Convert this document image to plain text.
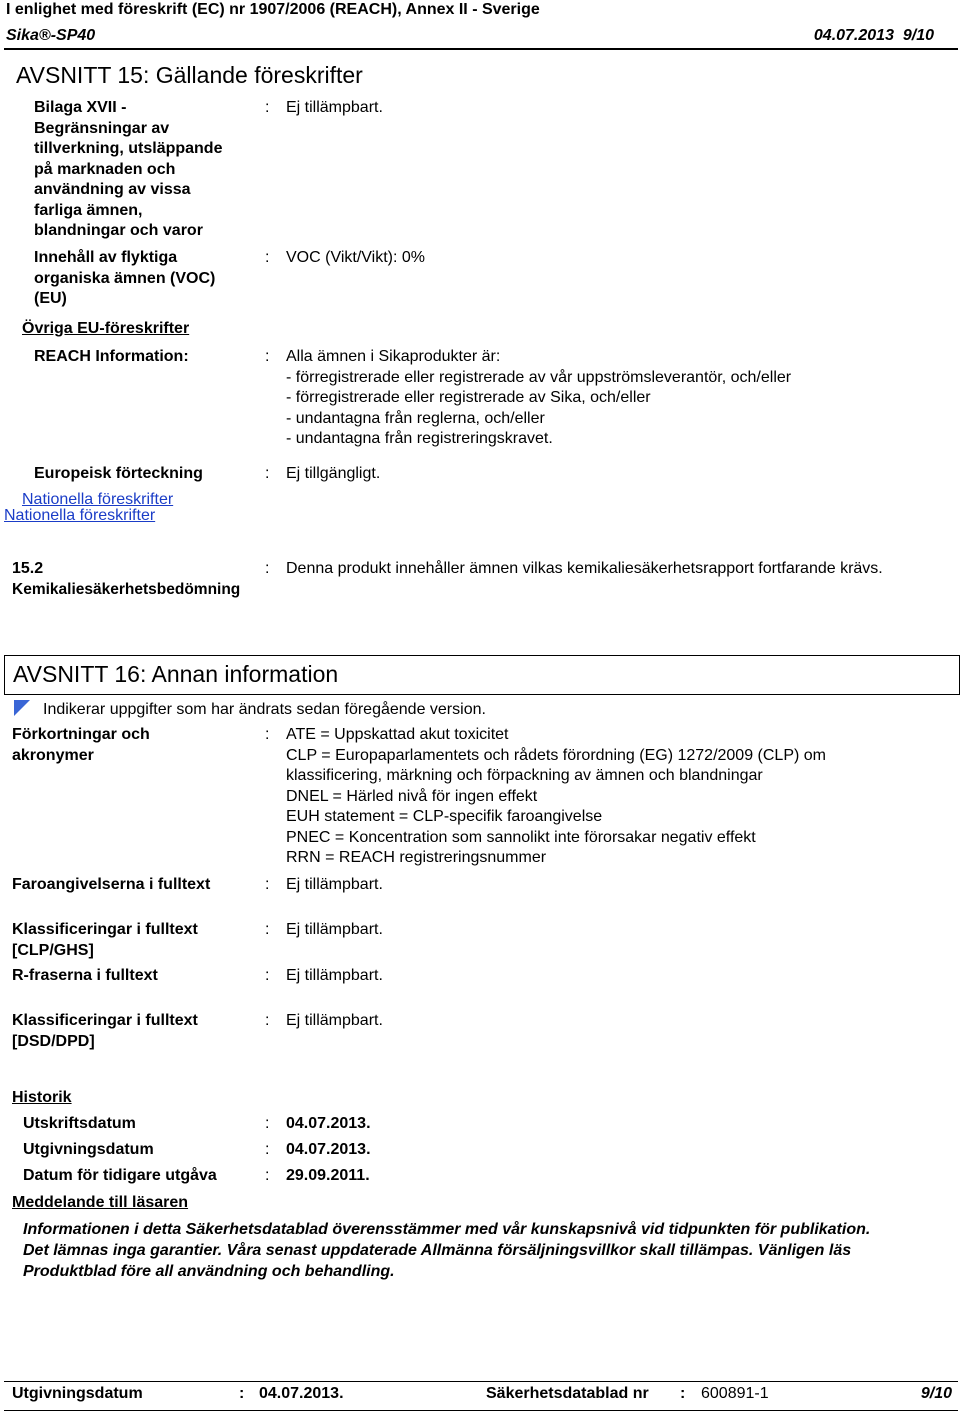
I enlighet med föreskrift (EC) nr 1907/2006 (REACH), Annex II - Sverige
Sika®-SP40	04.07.2013 9/10
AVSNITT 15: Gällande föreskrifter
Bilaga XVII -
Begränsningar av
tillverkning, utsläppande
på marknaden och
användning av vissa
farliga ämnen,
blandningar och varor
: Ej tillämpbart.
Innehåll av flyktiga
organiska ämnen (VOC)
(EU)
: VOC (Vikt/Vikt): 0%
Övriga EU-föreskrifter
REACH Information:	: Alla ämnen i Sikaprodukter är:
- förregistrerade eller registrerade av vår uppströmsleverantör, och/eller
- förregistrerade eller registrerade av Sika, och/eller
- undantagna från reglerna, och/eller
- undantagna från registreringskravet.
Europeisk förteckning	: Ej tillgängligt.
Nationella föreskrifter
Nationella föreskrifter
15.2
Kemikaliesäkerhetsbedömning
: Denna produkt innehåller ämnen vilkas kemikaliesäkerhetsrapport fortfarande krävs.
AVSNITT 16: Annan information
Indikerar uppgifter som har ändrats sedan föregående version.
Förkortningar och
akronymer
: ATE = Uppskattad akut toxicitet
CLP = Europaparlamentets och rådets förordning (EG) 1272/2009 (CLP) om
klassificering, märkning och förpackning av ämnen och blandningar
DNEL = Härled nivå för ingen effekt
EUH statement = CLP-specifik faroangivelse
PNEC = Koncentration som sannolikt inte förorsakar negativ effekt
RRN = REACH registreringsnummer
Faroangivelserna i fulltext	: Ej tillämpbart.
Klassificeringar i fulltext
[CLP/GHS]
: Ej tillämpbart.
R-fraserna i fulltext	: Ej tillämpbart.
Klassificeringar i fulltext
[DSD/DPD]
: Ej tillämpbart.
Historik
Utskriftsdatum	: 04.07.2013.
Utgivningsdatum	: 04.07.2013.
Datum för tidigare utgåva	: 29.09.2011.
Meddelande till läsaren
Informationen i detta Säkerhetsdatablad överensstämmer med vår kunskapsnivå vid tidpunkten för publikation.
Det lämnas inga garantier. Våra senast uppdaterade Allmänna försäljningsvillkor skall tillämpas. Vänligen läs
Produktblad före all användning och behandling.
Utgivningsdatum	: 04.07.2013.	Säkerhetsdatablad nr : 600891-1	9/10
